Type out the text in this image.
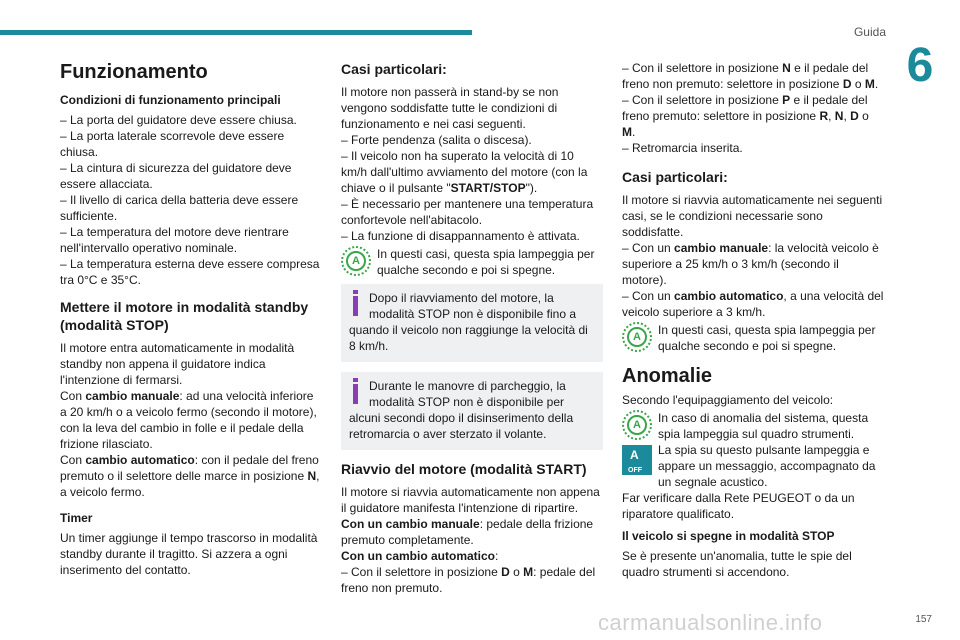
Guida
6
Funzionamento
Condizioni di funzionamento principali

– La porta del guidatore deve essere chiusa.

– La porta laterale scorrevole deve essere chiusa.

– La cintura di sicurezza del guidatore deve essere allacciata.

– Il livello di carica della batteria deve essere sufficiente.

– La temperatura del motore deve rientrare nell'intervallo operativo nominale.

– La temperatura esterna deve essere compresa tra 0°C e 35°C.

Mettere il motore in modalità standby (modalità STOP)

Il motore entra automaticamente in modalità standby non appena il guidatore indica l'intenzione di fermarsi.

Con cambio manuale: ad una velocità inferiore a 20 km/h o a veicolo fermo (secondo il motore), con la leva del cambio in folle e il pedale della frizione rilasciato.

Con cambio automatico: con il pedale del freno premuto o il selettore delle marce in posizione N, a veicolo fermo.

Timer

Un timer aggiunge il tempo trascorso in modalità standby durante il tragitto. Si azzera a ogni inserimento del contatto.

Casi particolari:

Il motore non passerà in stand-by se non vengono soddisfatte tutte le condizioni di funzionamento e nei casi seguenti.

– Forte pendenza (salita o discesa).

– Il veicolo non ha superato la velocità di 10 km/h dall'ultimo avviamento del motore (con la chiave o il pulsante "START/STOP").

– È necessario per mantenere una temperatura confortevole nell'abitacolo.

– La funzione di disappannamento è attivata.

A	In questi casi, questa spia lampeggia per qualche secondo e poi si spegne.

Dopo il riavviamento del motore, la modalità STOP non è disponibile fino a quando il veicolo non raggiunge la velocità di 8 km/h.

Durante le manovre di parcheggio, la modalità STOP non è disponibile per alcuni secondi dopo il disinserimento della retromarcia o aver sterzato il volante.

Riavvio del motore (modalità START)

Il motore si riavvia automaticamente non appena il guidatore manifesta l'intenzione di ripartire.

Con un cambio manuale: pedale della frizione premuto completamente.

Con un cambio automatico:

– Con il selettore in posizione D o M: pedale del freno non premuto.

– Con il selettore in posizione N e il pedale del freno non premuto: selettore in posizione D o M.

– Con il selettore in posizione P e il pedale del freno premuto: selettore in posizione R, N, D o M.

– Retromarcia inserita.

Casi particolari:

Il motore si riavvia automaticamente nei seguenti casi, se le condizioni necessarie sono soddisfatte.

– Con un cambio manuale: la velocità veicolo è superiore a 25 km/h o 3 km/h (secondo il motore).

– Con un cambio automatico, a una velocità del veicolo superiore a 3 km/h.

A	In questi casi, questa spia lampeggia per qualche secondo e poi si spegne.

Anomalie

Secondo l'equipaggiamento del veicolo:

A	In caso di anomalia del sistema, questa spia lampeggia sul quadro strumenti.

A
OFF

La spia su questo pulsante lampeggia e appare un messaggio, accompagnato da un segnale acustico.

Far verificare dalla Rete PEUGEOT o da un riparatore qualificato.

Il veicolo si spegne in modalità STOP

Se è presente un'anomalia, tutte le spie del quadro strumenti si accendono.

carmanualsonline.info	157
